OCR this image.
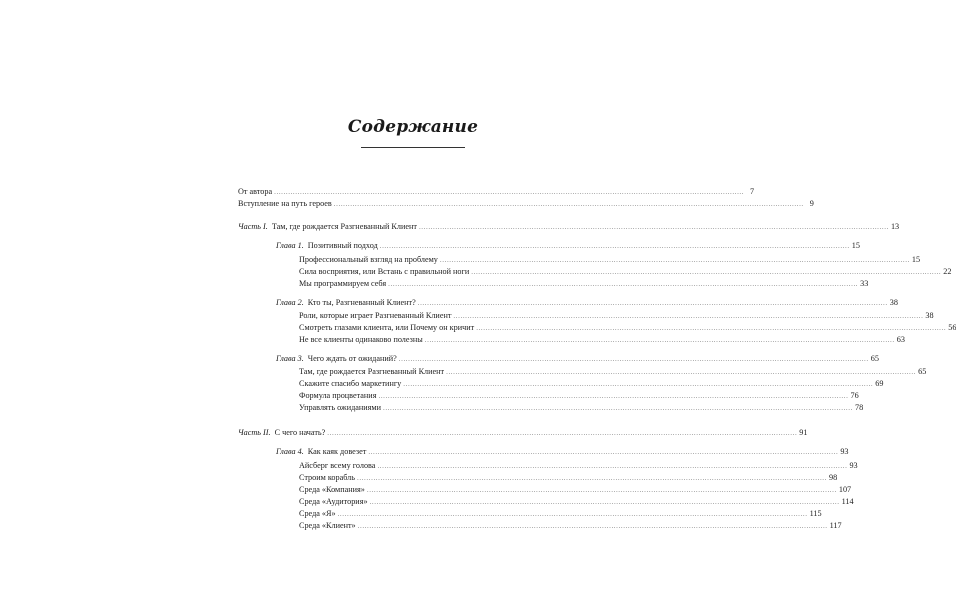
Содержание
От автора ........................................................................................................................................................................................................ 7
Вступление на путь героев ........................................................................................................................................................................................................ 9
Часть I. Там, где рождается Разгневанный Клиент ........................................................................................................................................................................................................ 13
Глава 1. Позитивный подход ........................................................................................................................................................................................................ 15
Профессиональный взгляд на проблему ........................................................................................................................................................................................................ 15
Сила восприятия, или Встань с правильной ноги ........................................................................................................................................................................................................ 22
Мы программируем себя ........................................................................................................................................................................................................ 33
Глава 2. Кто ты, Разгневанный Клиент? ........................................................................................................................................................................................................ 38
Роли, которые играет Разгневанный Клиент ........................................................................................................................................................................................................ 38
Смотреть глазами клиента, или Почему он кричит ........................................................................................................................................................................................................ 56
Не все клиенты одинаково полезны ........................................................................................................................................................................................................ 63
Глава 3. Чего ждать от ожиданий? ........................................................................................................................................................................................................ 65
Там, где рождается Разгневанный Клиент ........................................................................................................................................................................................................ 65
Скажите спасибо маркетингу ........................................................................................................................................................................................................ 69
Формула процветания ........................................................................................................................................................................................................ 76
Управлять ожиданиями ........................................................................................................................................................................................................ 78
Часть II. С чего начать? ........................................................................................................................................................................................................ 91
Глава 4. Как каяк довезет ........................................................................................................................................................................................................ 93
Айсберг всему голова ........................................................................................................................................................................................................ 93
Строим корабль ........................................................................................................................................................................................................ 98
Среда «Компания» ........................................................................................................................................................................................................ 107
Среда «Аудитория» ........................................................................................................................................................................................................ 114
Среда «Я» ........................................................................................................................................................................................................ 115
Среда «Клиент» ........................................................................................................................................................................................................ 117
